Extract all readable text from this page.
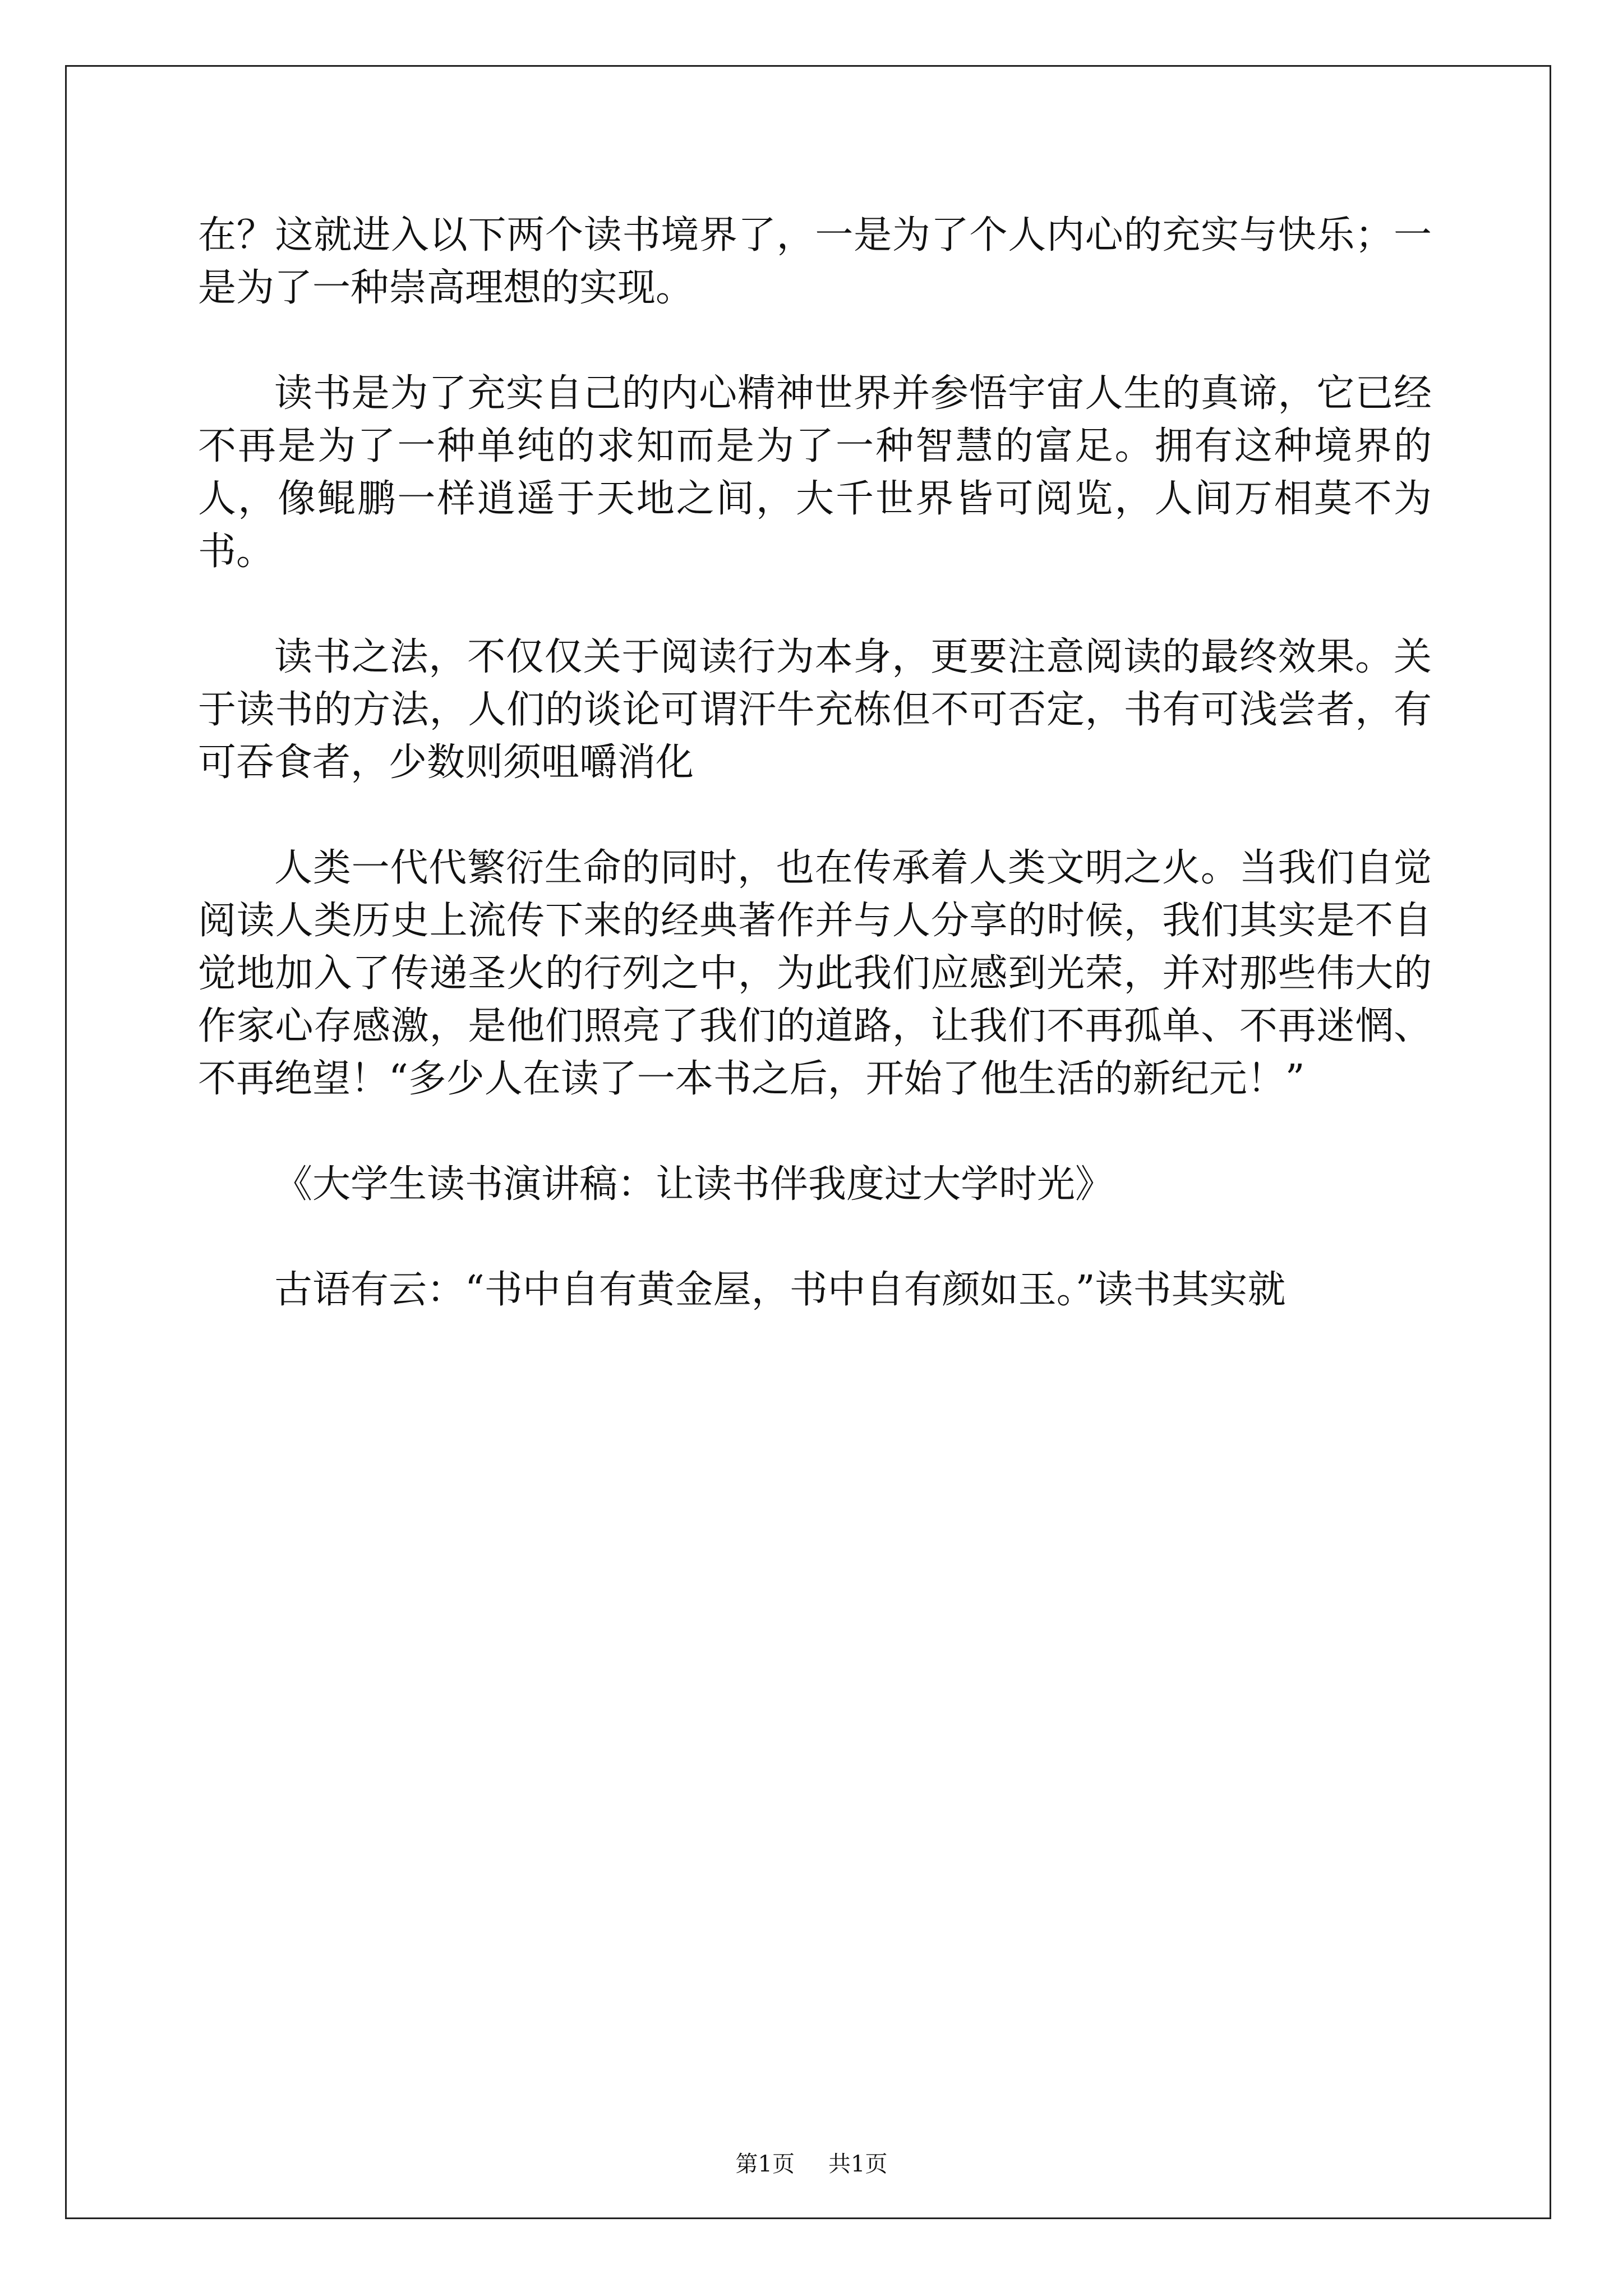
在？这就进入以下两个读书境界了，一是为了个人内心的充实与快乐；一是为了一种崇高理想的实现。

读书是为了充实自己的内心精神世界并参悟宇宙人生的真谛，它已经不再是为了一种单纯的求知而是为了一种智慧的富足。拥有这种境界的人，像鲲鹏一样逍遥于天地之间，大千世界皆可阅览，人间万相莫不为书。

读书之法，不仅仅关于阅读行为本身，更要注意阅读的最终效果。关于读书的方法，人们的谈论可谓汗牛充栋但不可否定，书有可浅尝者，有可吞食者，少数则须咀嚼消化

人类一代代繁衍生命的同时，也在传承着人类文明之火。当我们自觉阅读人类历史上流传下来的经典著作并与人分享的时候，我们其实是不自觉地加入了传递圣火的行列之中，为此我们应感到光荣，并对那些伟大的作家心存感激，是他们照亮了我们的道路，让我们不再孤单、不再迷惘、不再绝望！“多少人在读了一本书之后，开始了他生活的新纪元！”

《大学生读书演讲稿：让读书伴我度过大学时光》

古语有云：“书中自有黄金屋，书中自有颜如玉。”读书其实就

第1页 共1页
